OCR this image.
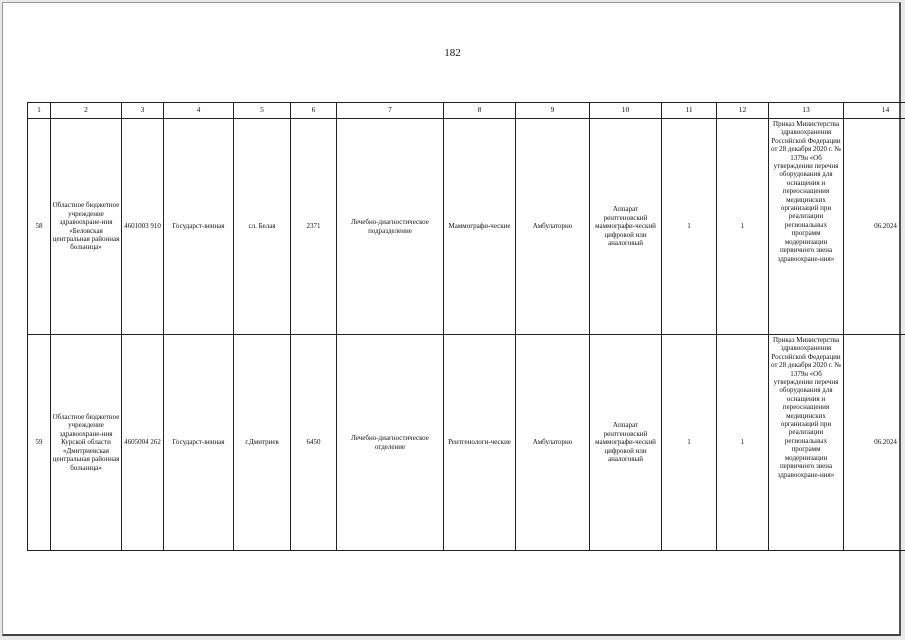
182
1	2	3	4	5	6	7	8	9	10	11	12	13	14
58	Областное бюджетное учреждение здравоохране-ния «Беловская центральная районная больница»	4601003 910	Государст-венная	сл. Белая	2371	Лечебно-диагностическое подразделение	Маммографи-ческие	Амбулаторно	Аппарат рентгеновский маммографи-ческий цифровой или аналоговый	1	1	Приказ Министерства здравоохранения Российской Федерации от 28 декабря 2020 г. № 1379н «Об утверждении перечня оборудования для оснащения и переоснащения медицинских организаций при реализации региональных программ модернизации первичного звена здравоохране-ния»	06.2024
59	Областное бюджетное учреждение здравоохране-ния Курской области «Дмитриевская центральная районная больница»	4605004 262	Государст-венная	г.Дмитриев	6450	Лечебно-диагностическое отделение	Рентгенологи-ческие	Амбулаторно	Аппарат рентгеновский маммографи-ческий цифровой или аналоговый	1	1	Приказ Министерства здравоохранения Российской Федерации от 28 декабря 2020 г. № 1379н «Об утверждении перечня оборудования для оснащения и переоснащения медицинских организаций при реализации региональных программ модернизации первичного звена здравоохране-ния»	06.2024
